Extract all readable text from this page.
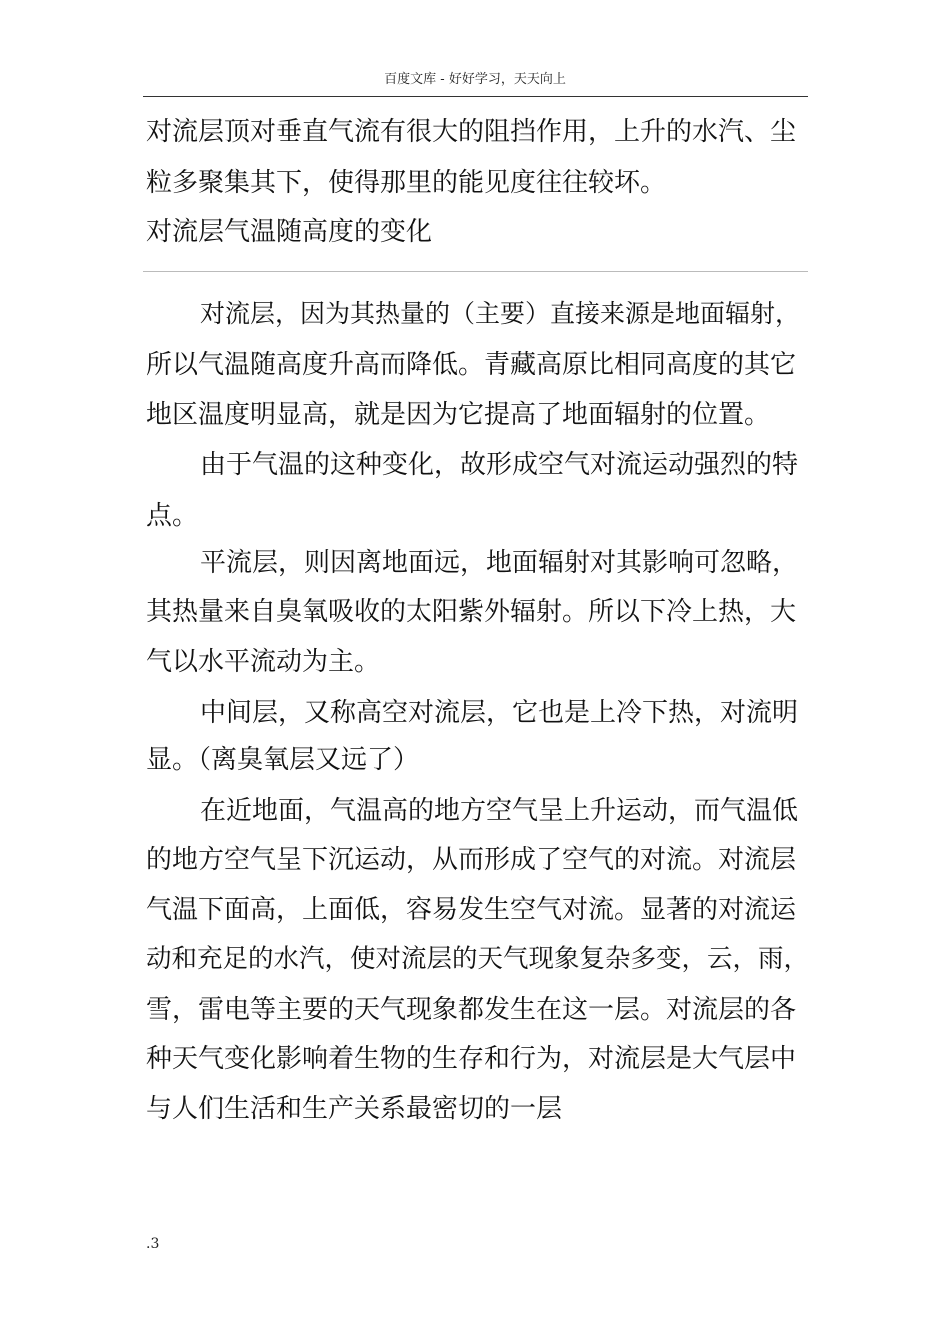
百度文库 - 好好学习，天天向上
对流层顶对垂直气流有很大的阻挡作用，上升的水汽、尘
粒多聚集其下，使得那里的能见度往往较坏。
对流层气温随高度的变化
对流层，因为其热量的（主要）直接来源是地面辐射，
所以气温随高度升高而降低。青藏高原比相同高度的其它
地区温度明显高，就是因为它提高了地面辐射的位置。
由于气温的这种变化，故形成空气对流运动强烈的特
点。
平流层，则因离地面远，地面辐射对其影响可忽略，
其热量来自臭氧吸收的太阳紫外辐射。所以下冷上热，大
气以水平流动为主。
中间层，又称高空对流层，它也是上冷下热，对流明
显。（离臭氧层又远了）
在近地面，气温高的地方空气呈上升运动，而气温低
的地方空气呈下沉运动，从而形成了空气的对流。对流层
气温下面高，上面低，容易发生空气对流。显著的对流运
动和充足的水汽，使对流层的天气现象复杂多变，云，雨，
雪，雷电等主要的天气现象都发生在这一层。对流层的各
种天气变化影响着生物的生存和行为，对流层是大气层中
与人们生活和生产关系最密切的一层
.3
